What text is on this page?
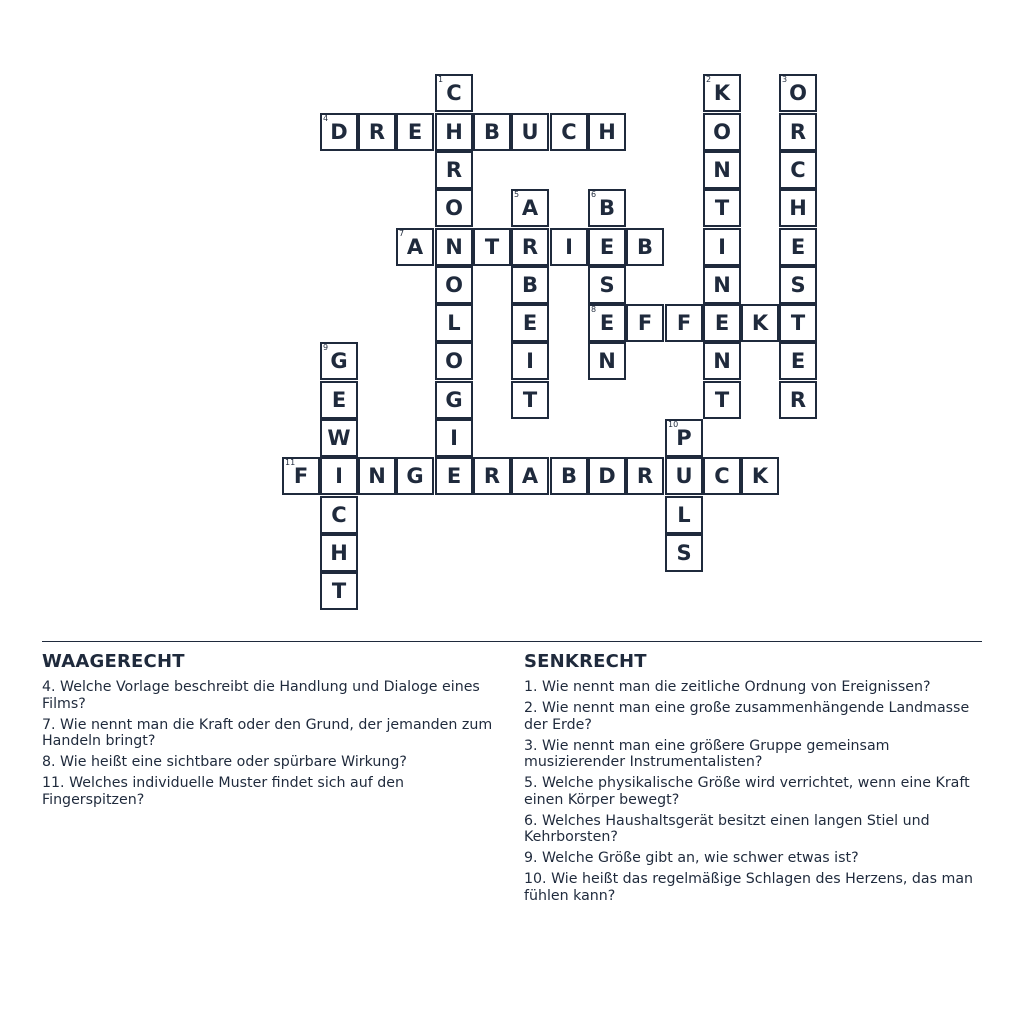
C
1
H
R
O
N
O
L
O
G
I
E
K
2
O
N
T
I
N
E
N
T
O
3
R
C
H
E
S
T
E
R
D
4
R	E	B	U	C	H
A
5
R
B
E
I
T
B
6
E
S
E
8
N
A
7
T	I	B
F	F	K
G
9
E
W
I
C
H
T
P
10
U
L
S
F
11
N G	R	A	B	D	R	C	K
WAAGERECHT

4. Welche Vorlage beschreibt die Handlung und Dialoge eines Films?

7. Wie nennt man die Kraft oder den Grund, der jemanden zum Handeln bringt?

8. Wie heißt eine sichtbare oder spürbare Wirkung?

11. Welches individuelle Muster findet sich auf den Fingerspitzen?

SENKRECHT

1. Wie nennt man die zeitliche Ordnung von Ereignissen?

2. Wie nennt man eine große zusammenhängende Landmasse der Erde?

3. Wie nennt man eine größere Gruppe gemeinsam musizierender Instrumentalisten?

5. Welche physikalische Größe wird verrichtet, wenn eine Kraft einen Körper bewegt?

6. Welches Haushaltsgerät besitzt einen langen Stiel und Kehrborsten?

9. Welche Größe gibt an, wie schwer etwas ist?

10. Wie heißt das regelmäßige Schlagen des Herzens, das man fühlen kann?
